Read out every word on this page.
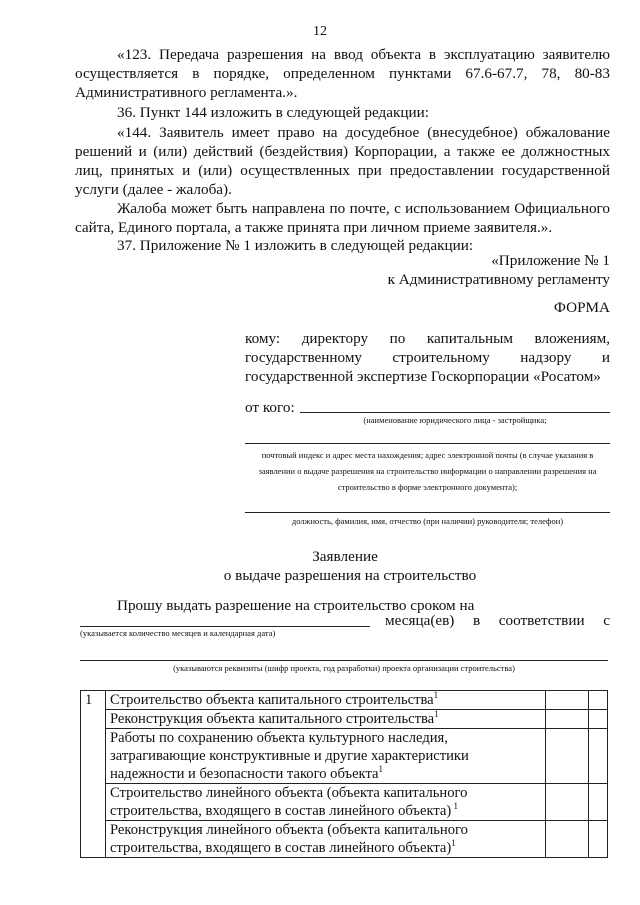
12
«123. Передача разрешения на ввод объекта в эксплуатацию заявителю осуществляется в порядке, определенном пунктами 67.6-67.7, 78, 80-83 Административного регламента.».
36. Пункт 144 изложить в следующей редакции:
«144. Заявитель имеет право на досудебное (внесудебное) обжалование решений и (или) действий (бездействия) Корпорации, а также ее должностных лиц, принятых и (или) осуществленных при предоставлении государственной услуги (далее - жалоба).
Жалоба может быть направлена по почте, с использованием Официального сайта, Единого портала, а также принята при личном приеме заявителя.».
37. Приложение № 1 изложить в следующей редакции:
«Приложение № 1
к Административному регламенту
ФОРМА
кому: директору по капитальным вложениям, государственному строительному надзору и государственной экспертизе Госкорпорации «Росатом»
от кого:
(наименование юридического лица - застройщика;
почтовый индекс и адрес места нахождения; адрес электронной почты (в случае указания в заявлении о выдаче разрешения на строительство информации о направлении разрешения на строительство в форме электронного документа);
должность, фамилия, имя, отчество (при наличии) руководителя; телефон)
Заявление
о выдаче разрешения на строительство
Прошу выдать разрешение на строительство сроком на
месяца(ев) в соответствии с
(указывается количество месяцев и календарная дата)
(указываются реквизиты (шифр проекта, год разработки) проекта организации строительства)
1	Строительство объекта капитального строительства$^1$		
	Реконструкция объекта капитального строительства$^1$		
	Работы по сохранению объекта культурного наследия, затрагивающие конструктивные и другие характеристики надежности и безопасности такого объекта$^1$		
	Строительство линейного объекта (объекта капитального строительства, входящего в состав линейного объекта) $^1$		
	Реконструкция линейного объекта (объекта капитального строительства, входящего в состав линейного объекта)$^1$		
